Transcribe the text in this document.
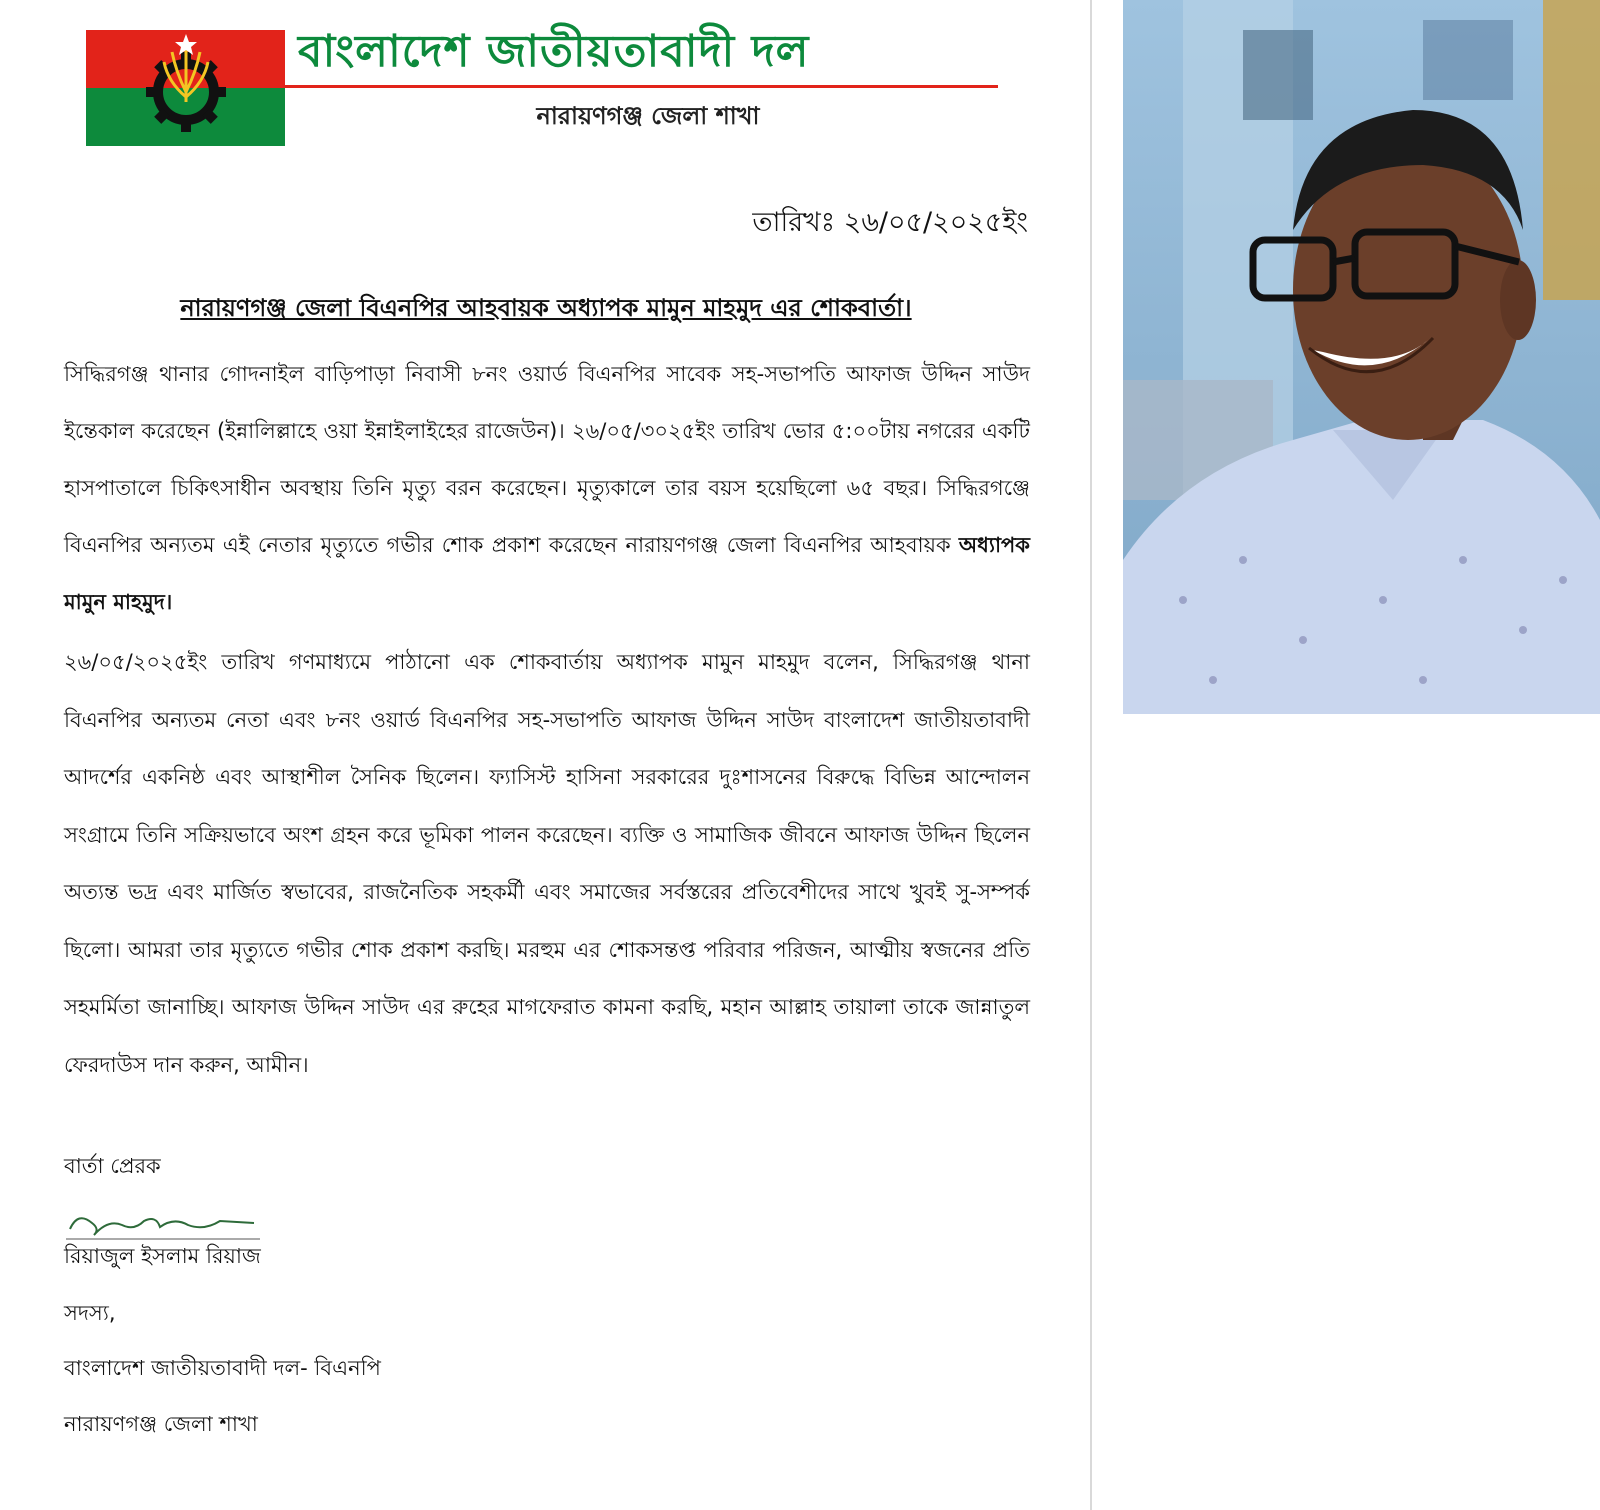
বাংলাদেশ জাতীয়তাবাদী দল
নারায়ণগঞ্জ জেলা শাখা
তারিখঃ ২৬/০৫/২০২৫ইং
নারায়ণগঞ্জ জেলা বিএনপির আহবায়ক অধ্যাপক মামুন মাহমুদ এর শোকবার্তা।

সিদ্ধিরগঞ্জ থানার গোদনাইল বাড়িপাড়া নিবাসী ৮নং ওয়ার্ড বিএনপির সাবেক সহ-সভাপতি আফাজ উদ্দিন সাউদ ইন্তেকাল করেছেন (ইন্নালিল্লাহে ওয়া ইন্নাইলাইহের রাজেউন)। ২৬/০৫/৩০২৫ইং তারিখ ভোর ৫:০০টায় নগরের একটি হাসপাতালে চিকিৎসাধীন অবস্থায় তিনি মৃত্যু বরন করেছেন। মৃত্যুকালে তার বয়স হয়েছিলো ৬৫ বছর। সিদ্ধিরগঞ্জে বিএনপির অন্যতম এই নেতার মৃত্যুতে গভীর শোক প্রকাশ করেছেন নারায়ণগঞ্জ জেলা বিএনপির আহবায়ক অধ্যাপক মামুন মাহমুদ।

২৬/০৫/২০২৫ইং তারিখ গণমাধ্যমে পাঠানো এক শোকবার্তায় অধ্যাপক মামুন মাহমুদ বলেন, সিদ্ধিরগঞ্জ থানা বিএনপির অন্যতম নেতা এবং ৮নং ওয়ার্ড বিএনপির সহ-সভাপতি আফাজ উদ্দিন সাউদ বাংলাদেশ জাতীয়তাবাদী আদর্শের একনিষ্ঠ এবং আস্থাশীল সৈনিক ছিলেন। ফ্যাসিস্ট হাসিনা সরকারের দুঃশাসনের বিরুদ্ধে বিভিন্ন আন্দোলন সংগ্রামে তিনি সক্রিয়ভাবে অংশ গ্রহন করে ভূমিকা পালন করেছেন। ব্যক্তি ও সামাজিক জীবনে আফাজ উদ্দিন ছিলেন অত্যন্ত ভদ্র এবং মার্জিত স্বভাবের, রাজনৈতিক সহকর্মী এবং সমাজের সর্বস্তরের প্রতিবেশীদের সাথে খুবই সু-সম্পর্ক ছিলো। আমরা তার মৃত্যুতে গভীর শোক প্রকাশ করছি। মরহুম এর শোকসন্তপ্ত পরিবার পরিজন, আত্মীয় স্বজনের প্রতি সহমর্মিতা জানাচ্ছি। আফাজ উদ্দিন সাউদ এর রুহের মাগফেরাত কামনা করছি, মহান আল্লাহ তায়ালা তাকে জান্নাতুল ফেরদাউস দান করুন, আমীন।

বার্তা প্রেরক
রিয়াজুল ইসলাম রিয়াজ
সদস্য,
বাংলাদেশ জাতীয়তাবাদী দল- বিএনপি
নারায়ণগঞ্জ জেলা শাখা
